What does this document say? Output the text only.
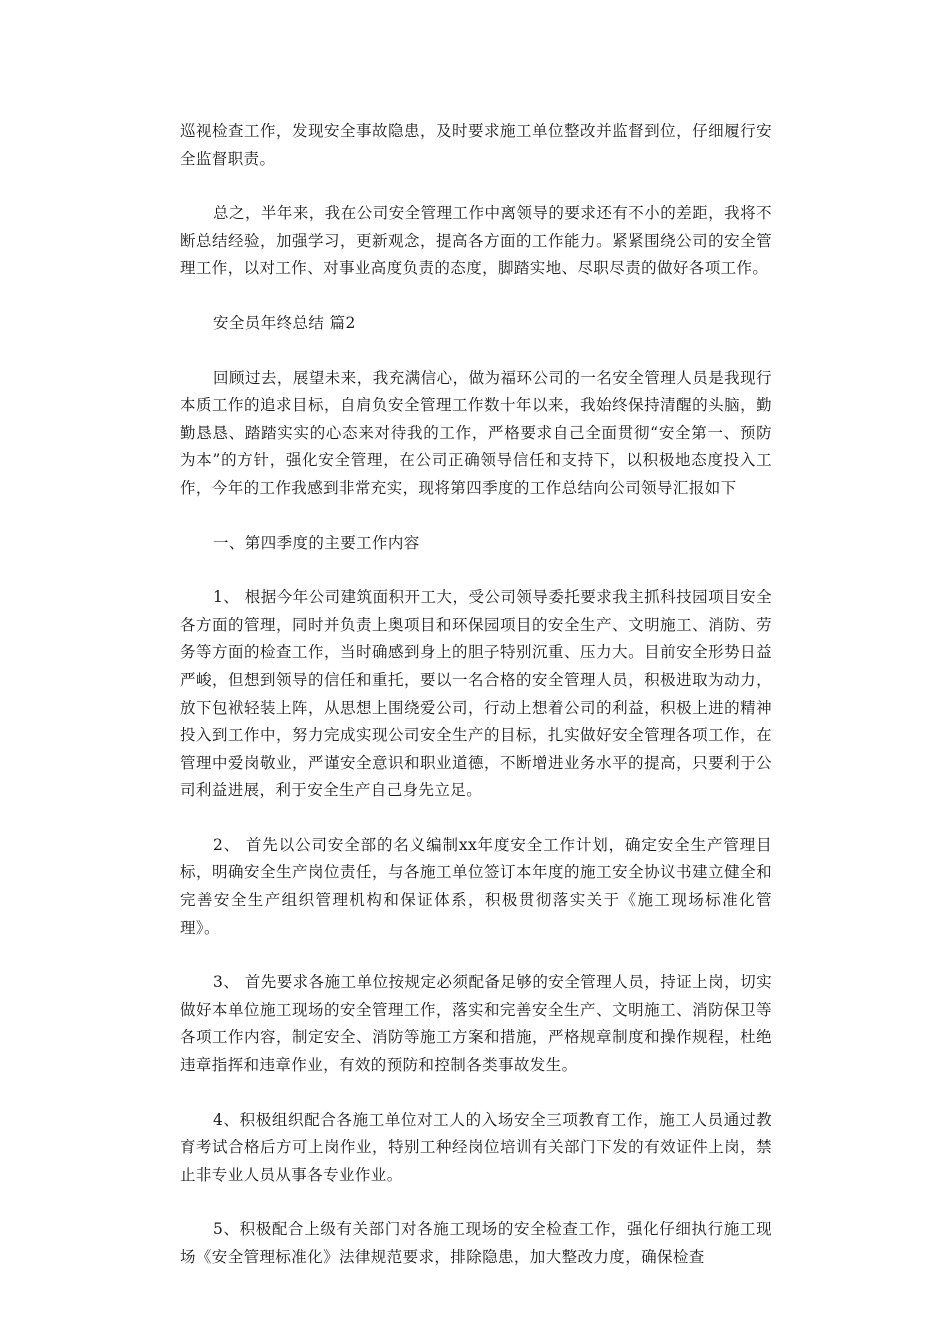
巡视检查工作，发现安全事故隐患，及时要求施工单位整改并监督到位，仔细履行安全监督职责。

总之，半年来，我在公司安全管理工作中离领导的要求还有不小的差距，我将不断总结经验，加强学习，更新观念，提高各方面的工作能力。紧紧围绕公司的安全管理工作，以对工作、对事业高度负责的态度，脚踏实地、尽职尽责的做好各项工作。

安全员年终总结 篇2

回顾过去，展望未来，我充满信心，做为福环公司的一名安全管理人员是我现行本质工作的追求目标，自肩负安全管理工作数十年以来，我始终保持清醒的头脑，勤勤恳恳、踏踏实实的心态来对待我的工作，严格要求自己全面贯彻“安全第一、预防为本”的方针，强化安全管理，在公司正确领导信任和支持下，以积极地态度投入工作，今年的工作我感到非常充实，现将第四季度的工作总结向公司领导汇报如下

一、第四季度的主要工作内容

1、 根据今年公司建筑面积开工大，受公司领导委托要求我主抓科技园项目安全各方面的管理，同时并负责上奥项目和环保园项目的安全生产、文明施工、消防、劳务等方面的检查工作，当时确感到身上的胆子特别沉重、压力大。目前安全形势日益严峻，但想到领导的信任和重托，要以一名合格的安全管理人员，积极进取为动力，放下包袱轻装上阵，从思想上围绕爱公司，行动上想着公司的利益，积极上进的精神投入到工作中，努力完成实现公司安全生产的目标，扎实做好安全管理各项工作，在管理中爱岗敬业，严谨安全意识和职业道德，不断增进业务水平的提高，只要利于公司利益进展，利于安全生产自己身先立足。

2、 首先以公司安全部的名义编制xx年度安全工作计划，确定安全生产管理目标，明确安全生产岗位责任，与各施工单位签订本年度的施工安全协议书建立健全和完善安全生产组织管理机构和保证体系，积极贯彻落实关于《施工现场标准化管理》。

3、 首先要求各施工单位按规定必须配备足够的安全管理人员，持证上岗，切实做好本单位施工现场的安全管理工作，落实和完善安全生产、文明施工、消防保卫等各项工作内容，制定安全、消防等施工方案和措施，严格规章制度和操作规程，杜绝违章指挥和违章作业，有效的预防和控制各类事故发生。

4、积极组织配合各施工单位对工人的入场安全三项教育工作，施工人员通过教育考试合格后方可上岗作业，特别工种经岗位培训有关部门下发的有效证件上岗，禁止非专业人员从事各专业作业。

5、积极配合上级有关部门对各施工现场的安全检查工作，强化仔细执行施工现场《安全管理标准化》法律规范要求，排除隐患，加大整改力度，确保检查
